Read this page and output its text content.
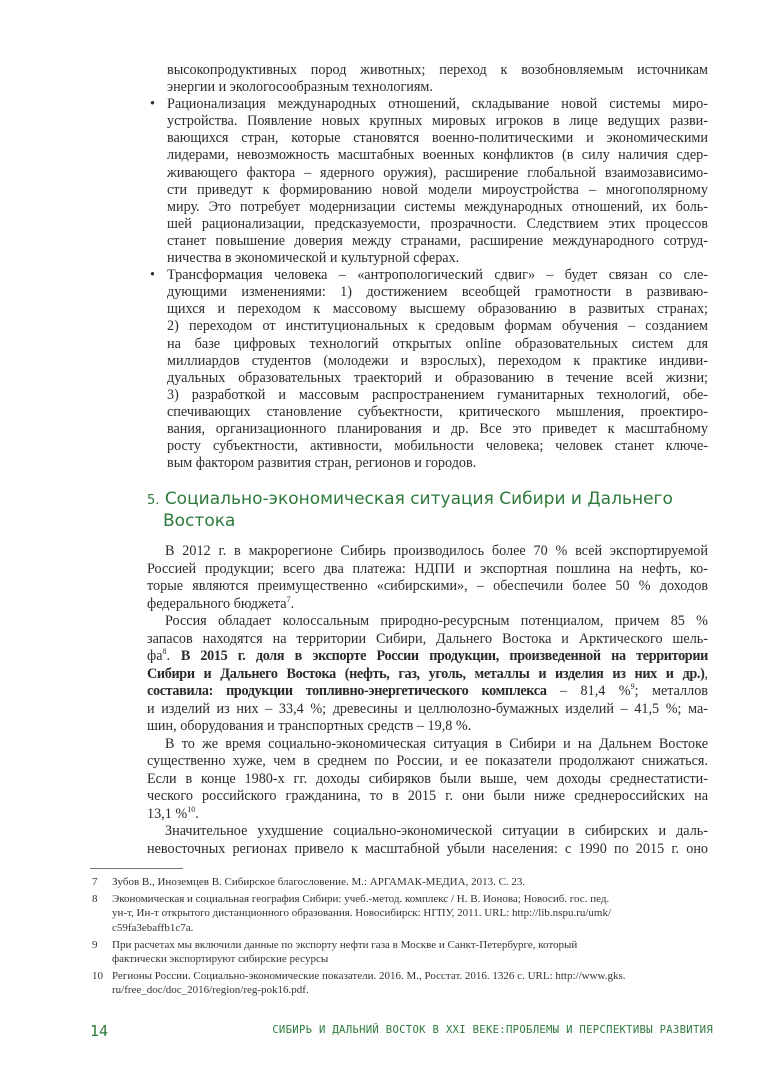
высокопродуктивных пород животных; переход к возобновляемым источникам
энергии и экологосообразным технологиям.
• Рационализация международных отношений, складывание новой системы миро-
устройства. Появление новых крупных мировых игроков в лице ведущих разви-
вающихся стран, которые становятся военно-политическими и экономическими
лидерами, невозможность масштабных военных конфликтов (в силу наличия сдер-
живающего фактора – ядерного оружия), расширение глобальной взаимозависимо-
сти приведут к формированию новой модели мироустройства – многополярному
миру. Это потребует модернизации системы международных отношений, их боль-
шей рационализации, предсказуемости, прозрачности. Следствием этих процессов
станет повышение доверия между странами, расширение международного сотруд-
ничества в экономической и культурной сферах.
• Трансформация человека – «антропологический сдвиг» – будет связан со сле-
дующими изменениями: 1) достижением всеобщей грамотности в развиваю-
щихся и переходом к массовому высшему образованию в развитых странах;
2) переходом от институциональных к средовым формам обучения – созданием
на базе цифровых технологий открытых online образовательных систем для
миллиардов студентов (молодежи и взрослых), переходом к практике индиви-
дуальных образовательных траекторий и образованию в течение всей жизни;
3) разработкой и массовым распространением гуманитарных технологий, обе-
спечивающих становление субъектности, критического мышления, проектиро-
вания, организационного планирования и др. Все это приведет к масштабному
росту субъектности, активности, мобильности человека; человек станет ключе-
вым фактором развития стран, регионов и городов.
5. Социально-экономическая ситуация Сибири и Дальнего
Востока
В 2012 г. в макрорегионе Сибирь производилось более 70 % всей экспортируемой
Россией продукции; всего два платежа: НДПИ и экспортная пошлина на нефть, ко-
торые являются преимущественно «сибирскими», – обеспечили более 50 % доходов
федерального бюджета$^7$.
Россия обладает колоссальным природно-ресурсным потенциалом, причем 85 %
запасов находятся на территории Сибири, Дальнего Востока и Арктического шель-
$фа^8$. В 2015 г. доля в экспорте России продукции, произведенной на территории
Сибири и Дальнего Востока (нефть, газ, уголь, металлы и изделия из них и др.),
составила: продукции топливно-энергетического комплекса – 81,4 %$^9$; металлов
и изделий из них – 33,4 %; древесины и целлюлозно-бумажных изделий – 41,5 %; ма-
шин, оборудования и транспортных средств – 19,8 %.
В то же время социально-экономическая ситуация в Сибири и на Дальнем Востоке
существенно хуже, чем в среднем по России, и ее показатели продолжают снижаться.
Если в конце 1980-х гг. доходы сибиряков были выше, чем доходы среднестатисти-
ческого российского гражданина, то в 2015 г. они были ниже среднероссийских на
13,1 %$^{10}$.
Значительное ухудшение социально-экономической ситуации в сибирских и даль-
невосточных регионах привело к масштабной убыли населения: с 1990 по 2015 г. оно
7 Зубов В., Иноземцев В. Сибирское благословение. М.: АРГАМАК-МЕДИА, 2013. С. 23.
8 Экономическая и социальная география Сибири: учеб.-метод. комплекс / Н. В. Ионова; Новосиб. гос. пед.
ун-т, Ин-т открытого дистанционного образования. Новосибирск: НГПУ, 2011. URL: http://lib.nspu.ru/umk/
c59fa3ebaffb1c7a.
9 При расчетах мы включили данные по экспорту нефти газа в Москве и Санкт-Петербурге, который
фактически экспортируют сибирские ресурсы
10 Регионы России. Социально-экономические показатели. 2016. М., Росстат. 2016. 1326 с. URL: http://www.gks.
ru/free_doc/doc_2016/region/reg-pok16.pdf.
14	СИБИРЬ И ДАЛЬНИЙ ВОСТОК В XXI ВЕКЕ:ПРОБЛЕМЫ И ПЕРСПЕКТИВЫ РАЗВИТИЯ
